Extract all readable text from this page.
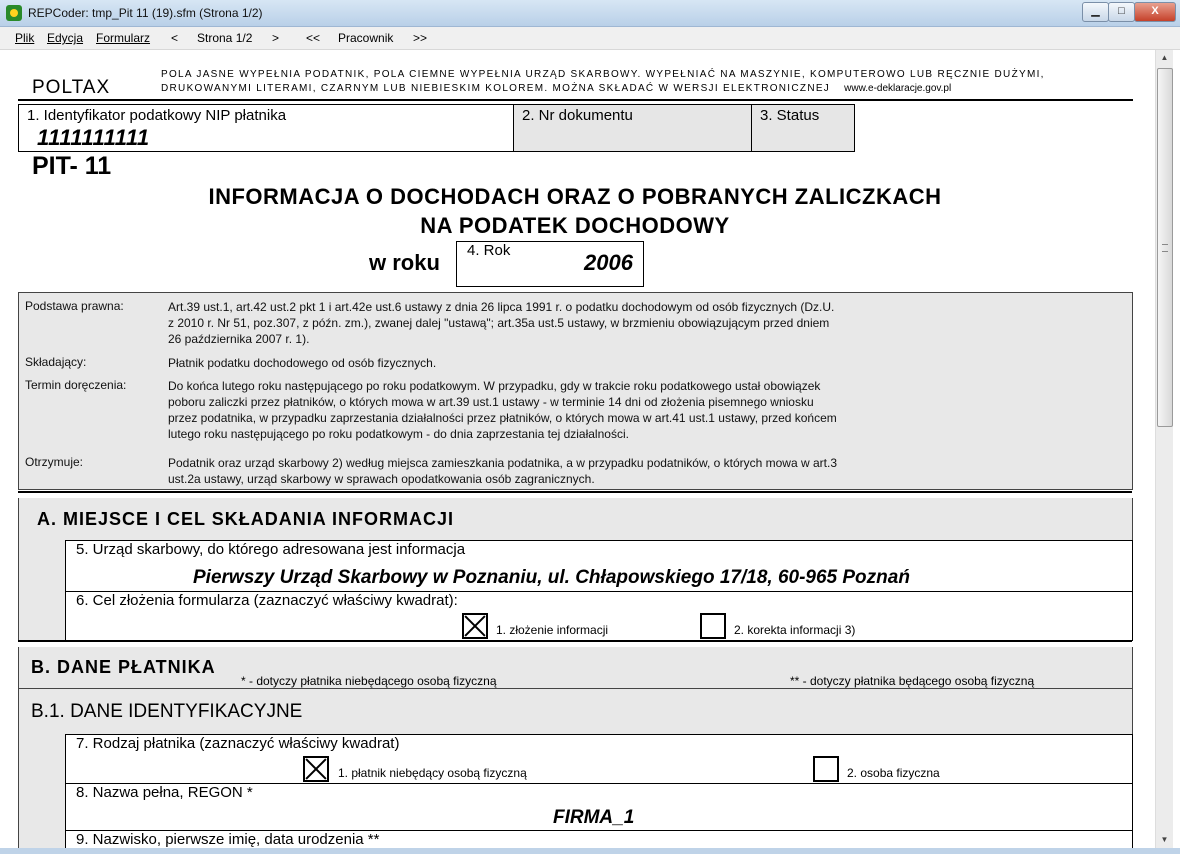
REPCoder: tmp_Pit 11 (19).sfm (Strona 1/2)	▁	□	X
Plik Edycja Formularz < Strona 1/2 > << Pracownik >>
POLTAX
POLA JASNE WYPEŁNIA PODATNIK, POLA CIEMNE WYPEŁNIA URZĄD SKARBOWY. WYPEŁNIAĆ NA MASZYNIE, KOMPUTEROWO LUB RĘCZNIE DUŻYMI,
DRUKOWANYMI LITERAMI, CZARNYM LUB NIEBIESKIM KOLOREM. MOŻNA SKŁADAĆ W WERSJI ELEKTRONICZNEJ www.e-deklaracje.gov.pl
1. Identyfikator podatkowy NIP płatnika
1111111111
2. Nr dokumentu	3. Status
PIT- 11
INFORMACJA O DOCHODACH ORAZ O POBRANYCH ZALICZKACH
NA PODATEK DOCHODOWY
w roku 4. Rok	2006
Podstawa prawna:	Art.39 ust.1, art.42 ust.2 pkt 1 i art.42e ust.6 ustawy z dnia 26 lipca 1991 r. o podatku dochodowym od osób fizycznych (Dz.U.
z 2010 r. Nr 51, poz.307, z późn. zm.), zwanej dalej "ustawą"; art.35a ust.5 ustawy, w brzmieniu obowiązującym przed dniem
26 października 2007 r. 1).
Składający:	Płatnik podatku dochodowego od osób fizycznych.
Termin doręczenia:	Do końca lutego roku następującego po roku podatkowym. W przypadku, gdy w trakcie roku podatkowego ustał obowiązek
poboru zaliczki przez płatników, o których mowa w art.39 ust.1 ustawy - w terminie 14 dni od złożenia pisemnego wniosku
przez podatnika, w przypadku zaprzestania działalności przez płatników, o których mowa w art.41 ust.1 ustawy, przed końcem
lutego roku następującego po roku podatkowym - do dnia zaprzestania tej działalności.
Otrzymuje:	Podatnik oraz urząd skarbowy 2) według miejsca zamieszkania podatnika, a w przypadku podatników, o których mowa w art.3
ust.2a ustawy, urząd skarbowy w sprawach opodatkowania osób zagranicznych.
A. MIEJSCE I CEL SKŁADANIA INFORMACJI
5. Urząd skarbowy, do którego adresowana jest informacja
Pierwszy Urząd Skarbowy w Poznaniu, ul. Chłapowskiego 17/18, 60-965 Poznań
6. Cel złożenia formularza (zaznaczyć właściwy kwadrat):
1. złożenie informacji	2. korekta informacji 3)
B. DANE PŁATNIKA
* - dotyczy płatnika niebędącego osobą fizyczną	** - dotyczy płatnika będącego osobą fizyczną
B.1. DANE IDENTYFIKACYJNE
7. Rodzaj płatnika (zaznaczyć właściwy kwadrat)
1. płatnik niebędący osobą fizyczną	2. osoba fizyczna
8. Nazwa pełna, REGON *
FIRMA_1
9. Nazwisko, pierwsze imię, data urodzenia **
▲
▼
